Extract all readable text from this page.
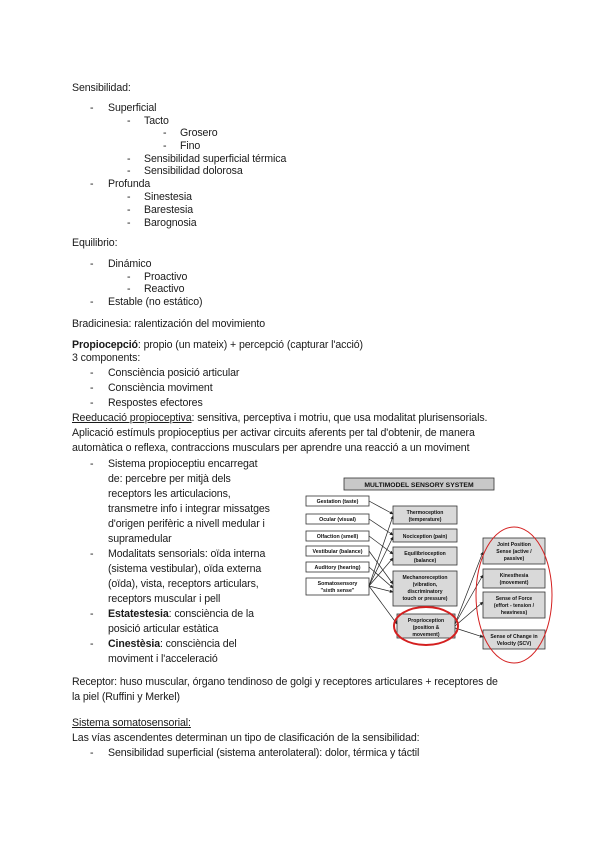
Sensibilidad:
- Superficial
- Tacto
- Grosero
- Fino
- Sensibilidad superficial térmica
- Sensibilidad dolorosa
- Profunda
- Sinestesia
- Barestesia
- Barognosia
Equilibrio:
- Dinámico
- Proactivo
- Reactivo
- Estable (no estático)
Bradicinesia: ralentización del movimiento
Propiocepció: propio (un mateix) + percepció (capturar l'acció)
3 components:
- Consciència posició articular
- Consciència moviment
- Respostes efectores
Reeducació propioceptiva: sensitiva, perceptiva i motriu, que usa modalitat plurisensorials.
Aplicació estímuls propioceptius per activar circuits aferents per tal d'obtenir, de manera
automàtica o reflexa, contraccions musculars per aprendre una reacció a un moviment
- Sistema propioceptiu encarregat
de: percebre per mitjà dels
receptors les articulacions,
transmetre info i integrar missatges
d'origen perifèric a nivell medular i
supramedular
- Modalitats sensorials: oïda interna
(sistema vestibular), oïda externa
(oïda), vista, receptors articulars,
receptors muscular i pell
- Estatestesia: consciència de la
posició articular estàtica
- Cinestèsia: consciència del
moviment i l'acceleració
MULTIMODEL SENSORY SYSTEM
Gestation (taste)
Ocular (visual)
Olfaction (smell)
Vestibular (balance)
Auditory (hearing)
Somatosensory
"sixth sense"
Thermoception
(temperature)
Nociception (pain)
Equilibrioception
(balance)
Mechanoreception
(vibration,
discriminatory
touch or pressure)
Proprioception
(position &
movement)
Joint Position
Sense (active /
passive)
Kinesthesia
(movement)
Sense of Force
(effort - tension /
heaviness)
Sense of Change in
Velocity (SCV)
Receptor: huso muscular, órgano tendinoso de golgi y receptores articulares + receptores de
la piel (Ruffini y Merkel)
Sistema somatosensorial:
Las vías ascendentes determinan un tipo de clasificación de la sensibilidad:
- Sensibilidad superficial (sistema anterolateral): dolor, térmica y táctil
